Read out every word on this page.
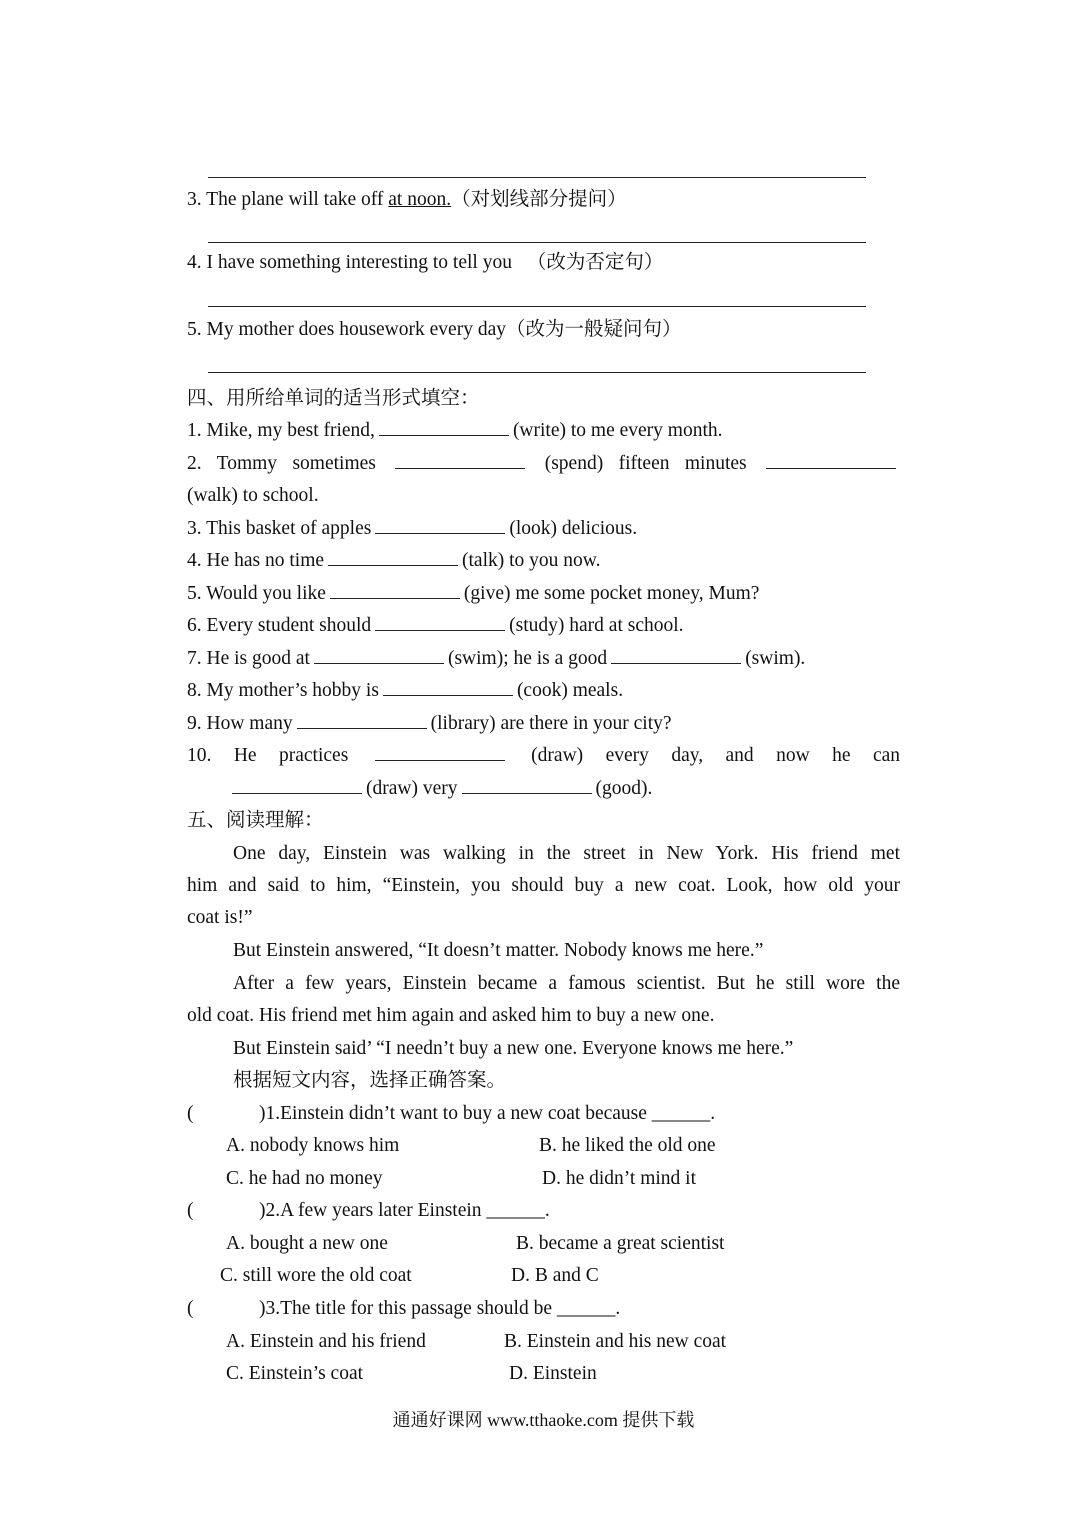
3. The plane will take off at noon.（对划线部分提问）
4. I have something interesting to tell you （改为否定句）
5. My mother does housework every day（改为一般疑问句）
四、用所给单词的适当形式填空：
1. Mike, my best friend,	(write) to me every month.
2. Tommy sometimes	(spend) fifteen minutes
(walk) to school.
3. This basket of apples	(look) delicious.
4. He has no time	(talk) to you now.
5. Would you like	(give) me some pocket money, Mum?
6. Every student should	(study) hard at school.
7. He is good at	(swim); he is a good	(swim).
8. My mother’s hobby is	(cook) meals.
9. How many	(library) are there in your city?
10. He practices	(draw) every day, and now he can
(draw) very	(good).
五、阅读理解：
One day, Einstein was walking in the street in New York. His friend met
him and said to him, “Einstein, you should buy a new coat. Look, how old your
coat is!”
But Einstein answered, “It doesn’t matter. Nobody knows me here.”
After a few years, Einstein became a famous scientist. But he still wore the
old coat. His friend met him again and asked him to buy a new one.
But Einstein said’ “I needn’t buy a new one. Everyone knows me here.”
根据短文内容，选择正确答案。
(	)1.Einstein didn’t want to buy a new coat because ______.
A. nobody knows him	B. he liked the old one
C. he had no money	D. he didn’t mind it
(	)2.A few years later Einstein ______.
A. bought a new one	B. became a great scientist
C. still wore the old coat	D. B and C
(	)3.The title for this passage should be ______.
A. Einstein and his friend	B. Einstein and his new coat
C. Einstein’s coat	D. Einstein
通通好课网 www.tthaoke.com 提供下载
